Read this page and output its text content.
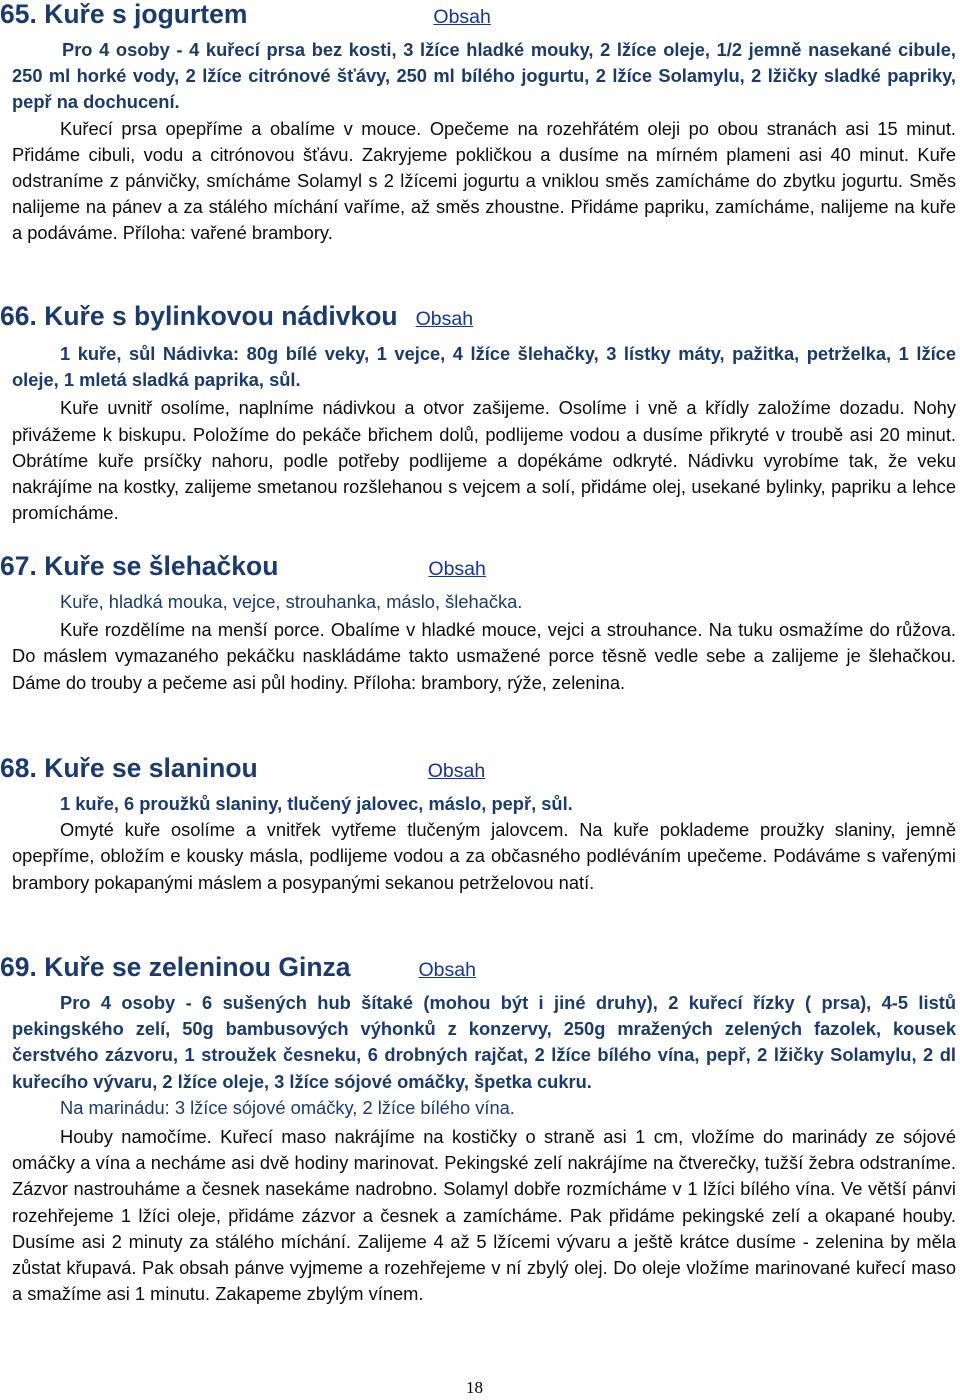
65. Kuře s jogurtem	Obsah

Pro 4 osoby - 4 kuřecí prsa bez kosti, 3 lžíce hladké mouky, 2 lžíce oleje, 1/2 jemně nasekané cibule, 250 ml horké vody, 2 lžíce citrónové šťávy, 250 ml bílého jogurtu, 2 lžíce Solamylu, 2 lžičky sladké papriky, pepř na dochucení.

Kuřecí prsa opepříme a obalíme v mouce. Opečeme na rozehřátém oleji po obou stranách asi 15 minut. Přidáme cibuli, vodu a citrónovou šťávu. Zakryjeme pokličkou a dusíme na mírném plameni asi 40 minut. Kuře odstraníme z pánvičky, smícháme Solamyl s 2 lžícemi jogurtu a vniklou směs zamícháme do zbytku jogurtu. Směs nalijeme na pánev a za stálého míchání vaříme, až směs zhoustne. Přidáme papriku, zamícháme, nalijeme na kuře a podáváme. Příloha: vařené brambory.

66. Kuře s bylinkovou nádivkou Obsah

1 kuře, sůl Nádivka: 80g bílé veky, 1 vejce, 4 lžíce šlehačky, 3 lístky máty, pažitka, petrželka, 1 lžíce oleje, 1 mletá sladká paprika, sůl.

Kuře uvnitř osolíme, naplníme nádivkou a otvor zašijeme. Osolíme i vně a křídly založíme dozadu. Nohy přivážeme k biskupu. Položíme do pekáče břichem dolů, podlijeme vodou a dusíme přikryté v troubě asi 20 minut. Obrátíme kuře prsíčky nahoru, podle potřeby podlijeme a dopékáme odkryté. Nádivku vyrobíme tak, že veku nakrájíme na kostky, zalijeme smetanou rozšlehanou s vejcem a solí, přidáme olej, usekané bylinky, papriku a lehce promícháme.

67. Kuře se šlehačkou	Obsah

Kuře, hladká mouka, vejce, strouhanka, máslo, šlehačka.

Kuře rozdělíme na menší porce. Obalíme v hladké mouce, vejci a strouhance. Na tuku osmažíme do růžova. Do máslem vymazaného pekáčku naskládáme takto usmažené porce těsně vedle sebe a zalijeme je šlehačkou. Dáme do trouby a pečeme asi půl hodiny. Příloha: brambory, rýže, zelenina.

68. Kuře se slaninou	Obsah

1 kuře, 6 proužků slaniny, tlučený jalovec, máslo, pepř, sůl.

Omyté kuře osolíme a vnitřek vytřeme tlučeným jalovcem. Na kuře poklademe proužky slaniny, jemně opepříme, obložím e kousky másla, podlijeme vodou a za občasného podléváním upečeme. Podáváme s vařenými brambory pokapanými máslem a posypanými sekanou petrželovou natí.

69. Kuře se zeleninou Ginza	Obsah

Pro 4 osoby - 6 sušených hub šítaké (mohou být i jiné druhy), 2 kuřecí řízky ( prsa), 4-5 listů pekingského zelí, 50g bambusových výhonků z konzervy, 250g mražených zelených fazolek, kousek čerstvého zázvoru, 1 stroužek česneku, 6 drobných rajčat, 2 lžíce bílého vína, pepř, 2 lžičky Solamylu, 2 dl kuřecího vývaru, 2 lžíce oleje, 3 lžíce sójové omáčky, špetka cukru.

Na marinádu: 3 lžíce sójové omáčky, 2 lžíce bílého vína.

Houby namočíme. Kuřecí maso nakrájíme na kostičky o straně asi 1 cm, vložíme do marinády ze sójové omáčky a vína a necháme asi dvě hodiny marinovat. Pekingské zelí nakrájíme na čtverečky, tužší žebra odstraníme. Zázvor nastrouháme a česnek nasekáme nadrobno. Solamyl dobře rozmícháme v 1 lžíci bílého vína. Ve větší pánvi rozehřejeme 1 lžíci oleje, přidáme zázvor a česnek a zamícháme. Pak přidáme pekingské zelí a okapané houby. Dusíme asi 2 minuty za stálého míchání. Zalijeme 4 až 5 lžícemi vývaru a ještě krátce dusíme - zelenina by měla zůstat křupavá. Pak obsah pánve vyjmeme a rozehřejeme v ní zbylý olej. Do oleje vložíme marinované kuřecí maso a smažíme asi 1 minutu. Zakapeme zbylým vínem.

18
